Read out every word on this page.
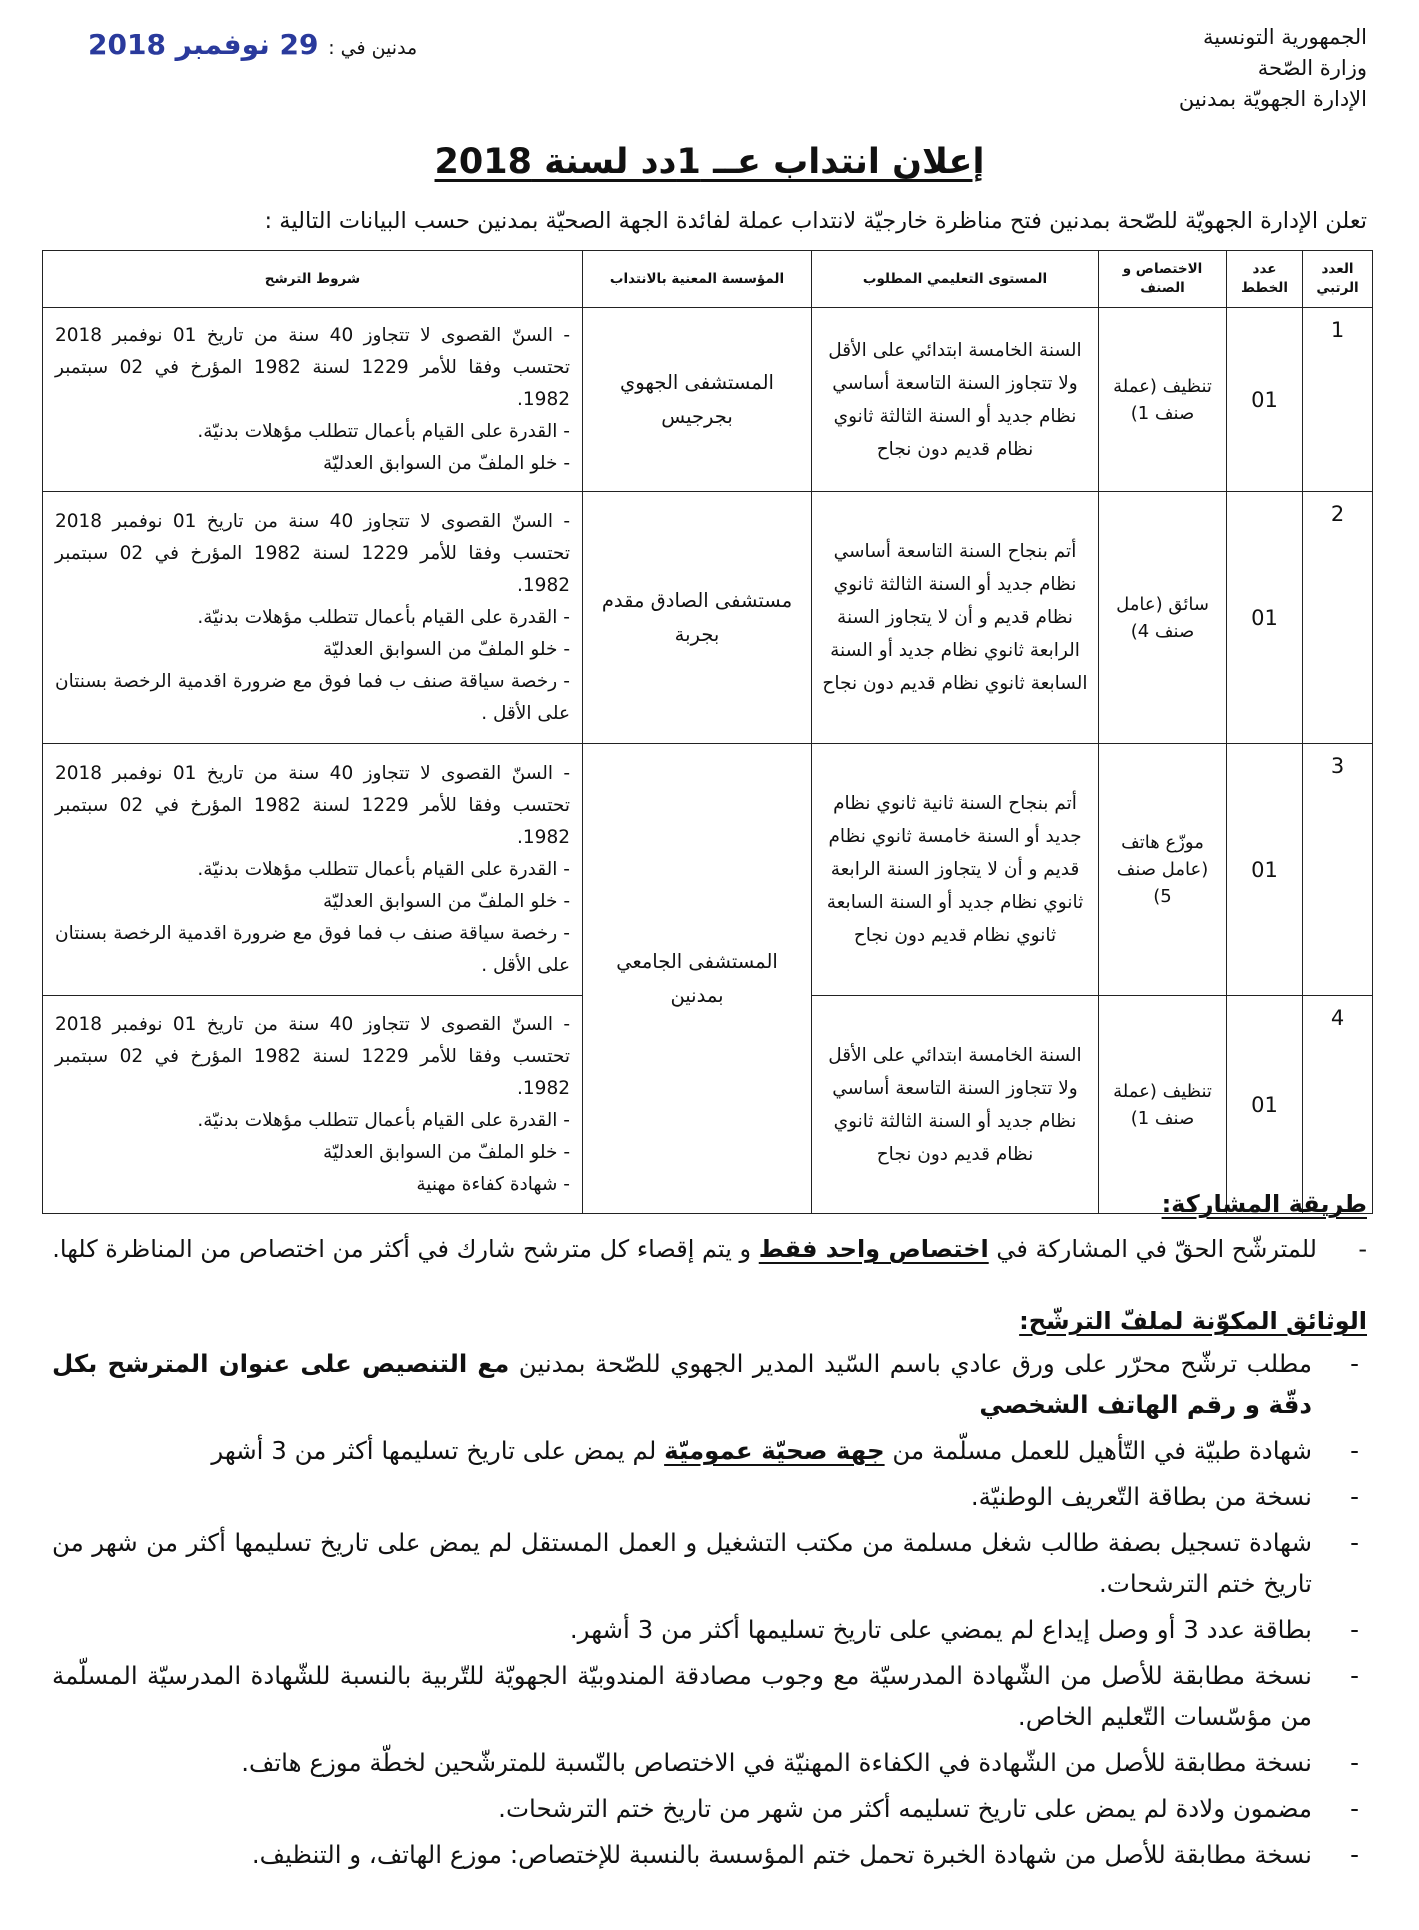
الجمهورية التونسية
وزارة الصّحة
الإدارة الجهويّة بمدنين
مدنين في : 29 نوفمبر 2018
إعلان انتداب عــ 1دد لسنة 2018
تعلن الإدارة الجهويّة للصّحة بمدنين فتح مناظرة خارجيّة لانتداب عملة لفائدة الجهة الصحيّة بمدنين حسب البيانات التالية :
العدد الرتبي	عدد الخطط	الاختصاص و الصنف	المستوى التعليمي المطلوب	المؤسسة المعنية بالانتداب	شروط الترشح
1	01	تنظيف (عملة صنف 1)	السنة الخامسة ابتدائي على الأقل ولا تتجاوز السنة التاسعة أساسي نظام جديد أو السنة الثالثة ثانوي نظام قديم دون نجاح	المستشفى الجهوي بجرجيس	- السنّ القصوى لا تتجاوز 40 سنة من تاريخ 01 نوفمبر 2018 تحتسب وفقا للأمر 1229 لسنة 1982 المؤرخ في 02 سبتمبر 1982.
- القدرة على القيام بأعمال تتطلب مؤهلات بدنيّة.
- خلو الملفّ من السوابق العدليّة

2	01	سائق (عامل صنف 4)	أتم بنجاح السنة التاسعة أساسي نظام جديد أو السنة الثالثة ثانوي نظام قديم و أن لا يتجاوز السنة الرابعة ثانوي نظام جديد أو السنة السابعة ثانوي نظام قديم دون نجاح	مستشفى الصادق مقدم بجربة	- السنّ القصوى لا تتجاوز 40 سنة من تاريخ 01 نوفمبر 2018 تحتسب وفقا للأمر 1229 لسنة 1982 المؤرخ في 02 سبتمبر 1982.
- القدرة على القيام بأعمال تتطلب مؤهلات بدنيّة.
- خلو الملفّ من السوابق العدليّة
- رخصة سياقة صنف ب فما فوق مع ضرورة اقدمية الرخصة بسنتان على الأقل .

3	01	موزّع هاتف (عامل صنف 5)	أتم بنجاح السنة ثانية ثانوي نظام جديد أو السنة خامسة ثانوي نظام قديم و أن لا يتجاوز السنة الرابعة ثانوي نظام جديد أو السنة السابعة ثانوي نظام قديم دون نجاح	المستشفى الجامعي بمدنين	- السنّ القصوى لا تتجاوز 40 سنة من تاريخ 01 نوفمبر 2018 تحتسب وفقا للأمر 1229 لسنة 1982 المؤرخ في 02 سبتمبر 1982.
- القدرة على القيام بأعمال تتطلب مؤهلات بدنيّة.
- خلو الملفّ من السوابق العدليّة
- رخصة سياقة صنف ب فما فوق مع ضرورة اقدمية الرخصة بسنتان على الأقل .

4	01	تنظيف (عملة صنف 1)	السنة الخامسة ابتدائي على الأقل ولا تتجاوز السنة التاسعة أساسي نظام جديد أو السنة الثالثة ثانوي نظام قديم دون نجاح		- السنّ القصوى لا تتجاوز 40 سنة من تاريخ 01 نوفمبر 2018 تحتسب وفقا للأمر 1229 لسنة 1982 المؤرخ في 02 سبتمبر 1982.
- القدرة على القيام بأعمال تتطلب مؤهلات بدنيّة.
- خلو الملفّ من السوابق العدليّة
- شهادة كفاءة مهنية
طريقة المشاركة:
-للمترشّح الحقّ في المشاركة في اختصاص واحد فقط و يتم إقصاء كل مترشح شارك في أكثر من اختصاص من المناظرة كلها.
الوثائق المكوّنة لملفّ الترشّح:
- مطلب ترشّح محرّر على ورق عادي باسم السّيد المدير الجهوي للصّحة بمدنين مع التنصيص على عنوان المترشح بكل دقّة و رقم الهاتف الشخصي
- شهادة طبيّة في التّأهيل للعمل مسلّمة من جهة صحيّة عموميّة لم يمض على تاريخ تسليمها أكثر من 3 أشهر
- نسخة من بطاقة التّعريف الوطنيّة.
- شهادة تسجيل بصفة طالب شغل مسلمة من مكتب التشغيل و العمل المستقل لم يمض على تاريخ تسليمها أكثر من شهر من تاريخ ختم الترشحات.
- بطاقة عدد 3 أو وصل إيداع لم يمضي على تاريخ تسليمها أكثر من 3 أشهر.
- نسخة مطابقة للأصل من الشّهادة المدرسيّة مع وجوب مصادقة المندوبيّة الجهويّة للتّربية بالنسبة للشّهادة المدرسيّة المسلّمة من مؤسّسات التّعليم الخاص.
- نسخة مطابقة للأصل من الشّهادة في الكفاءة المهنيّة في الاختصاص بالنّسبة للمترشّحين لخطّة موزع هاتف.
- مضمون ولادة لم يمض على تاريخ تسليمه أكثر من شهر من تاريخ ختم الترشحات.
- نسخة مطابقة للأصل من شهادة الخبرة تحمل ختم المؤسسة بالنسبة للإختصاص: موزع الهاتف، و التنظيف.
